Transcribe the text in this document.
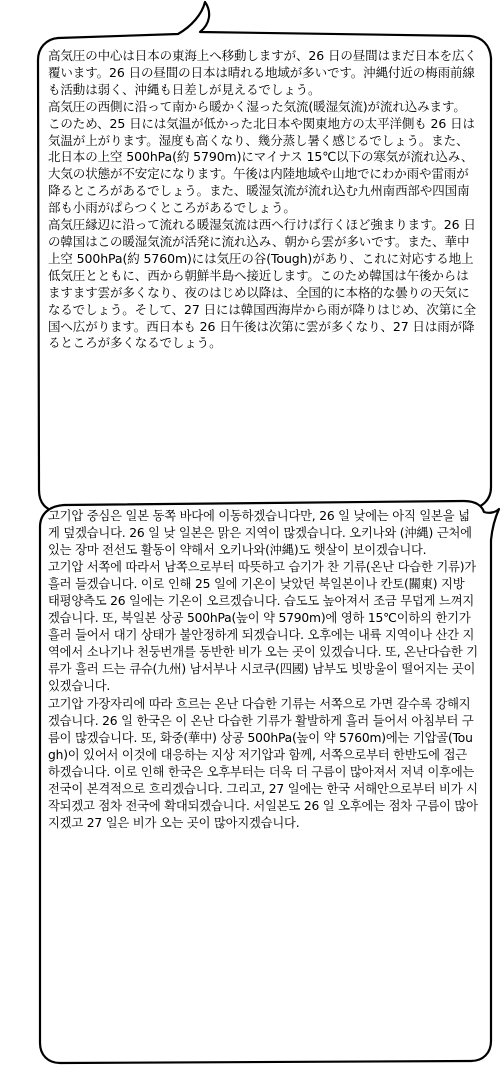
高気圧の中心は日本の東海上へ移動しますが、26 日の昼間はまだ日本を広く覆います。26 日の昼間の日本は晴れる地域が多いです。沖縄付近の梅雨前線も活動は弱く、沖縄も日差しが見えるでしょう。
高気圧の西側に沿って南から暖かく湿った気流(暖湿気流)が流れ込みます。このため、25 日には気温が低かった北日本や関東地方の太平洋側も 26 日は気温が上がります。湿度も高くなり、幾分蒸し暑く感じるでしょう。また、北日本の上空 500hPa(約 5790m)にマイナス 15℃以下の寒気が流れ込み、大気の状態が不安定になります。午後は内陸地域や山地でにわか雨や雷雨が降るところがあるでしょう。また、暖湿気流が流れ込む九州南西部や四国南部も小雨がぱらつくところがあるでしょう。
高気圧縁辺に沿って流れる暖湿気流は西へ行けば行くほど強まります。26 日の韓国はこの暖湿気流が活発に流れ込み、朝から雲が多いです。また、華中上空 500hPa(約 5760m)には気圧の谷(Tough)があり、これに対応する地上低気圧とともに、西から朝鮮半島へ接近します。このため韓国は午後からはますます雲が多くなり、夜のはじめ以降は、全国的に本格的な曇りの天気になるでしょう。そして、27 日には韓国西海岸から雨が降りはじめ、次第に全国へ広がります。西日本も 26 日午後は次第に雲が多くなり、27 日は雨が降るところが多くなるでしょう。
고기압 중심은 일본 동쪽 바다에 이동하겠습니다만, 26 일 낮에는 아직 일본을 넓게 덮겠습니다. 26 일 낮 일본은 맑은 지역이 많겠습니다. 오키나와 (沖縄) 근처에 있는 장마 전선도 활동이 약해서 오키나와(沖縄)도 햇살이 보이겠습니다.
고기압 서쪽에 따라서 남쪽으로부터 따뜻하고 습기가 찬 기류(온난 다습한 기류)가 흘러 들겠습니다. 이로 인해 25 일에 기온이 낮았던 북일본이나 칸토(關東) 지방 태평양측도 26 일에는 기온이 오르겠습니다. 습도도 높아져서 조금 무덥게 느껴지겠습니다. 또, 북일본 상공 500hPa(높이 약 5790m)에 영하 15℃이하의 한기가 흘러 들어서 대기 상태가 불안정하게 되겠습니다. 오후에는 내륙 지역이나 산간 지역에서 소나기나 천둥번개를 동반한 비가 오는 곳이 있겠습니다. 또, 온난다습한 기류가 흘러 드는 큐슈(九州) 남서부나 시코쿠(四國) 남부도 빗방울이 떨어지는 곳이 있겠습니다.
고기압 가장자리에 따라 흐르는 온난 다습한 기류는 서쪽으로 가면 갈수록 강해지겠습니다. 26 일 한국은 이 온난 다습한 기류가 활발하게 흘러 들어서 아침부터 구름이 많겠습니다. 또, 화중(華中) 상공 500hPa(높이 약 5760m)에는 기압골(Tough)이 있어서 이것에 대응하는 지상 저기압과 함께, 서쪽으로부터 한반도에 접근하겠습니다. 이로 인해 한국은 오후부터는 더욱 더 구름이 많아져서 저녁 이후에는 전국이 본격적으로 흐리겠습니다. 그리고, 27 일에는 한국 서해안으로부터 비가 시작되겠고 점차 전국에 확대되겠습니다. 서일본도 26 일 오후에는 점차 구름이 많아지겠고 27 일은 비가 오는 곳이 많아지겠습니다.
